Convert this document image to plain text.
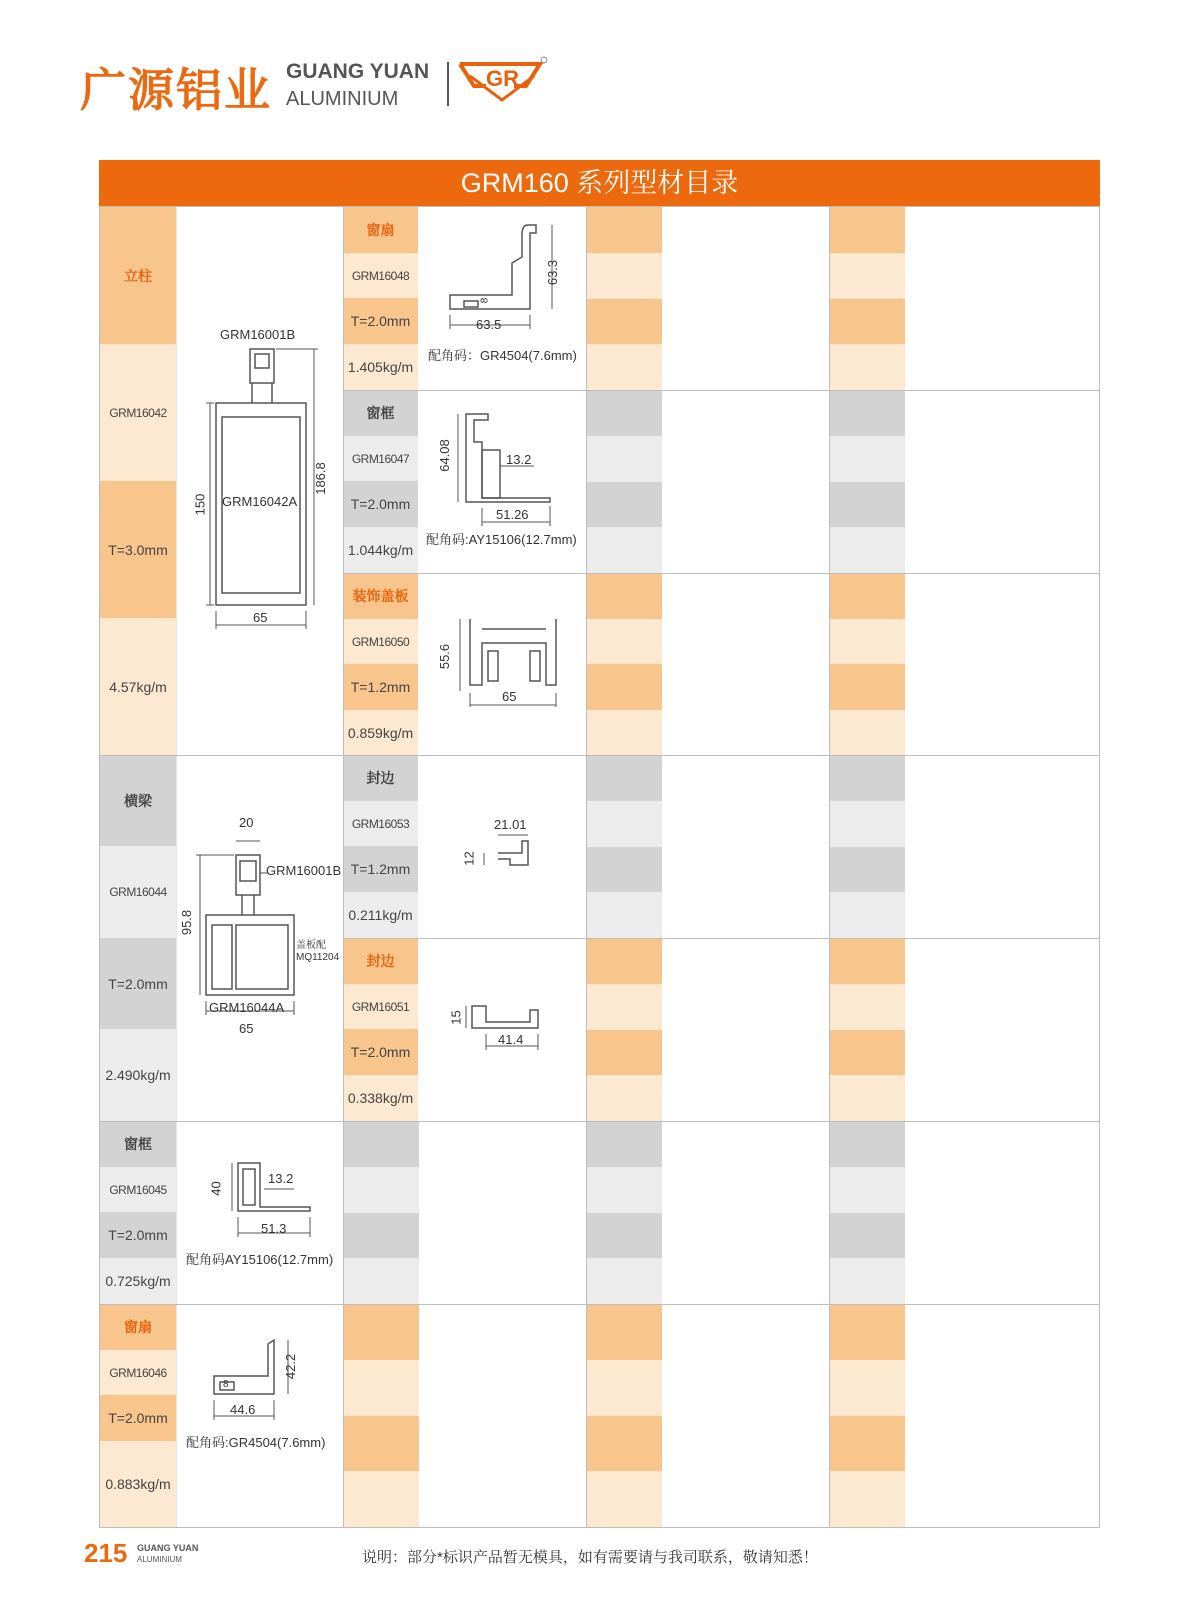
广源铝业 GUANG YUAN
ALUMINIUM
GR
GRM160 系列型材目录
立柱
GRM16042
T=3.0mm
4.57kg/m
GRM16001B
GRM16042A
186.8
150
65
横梁
GRM16044
T=2.0mm
2.490kg/m
20
GRM16001B
95.8
盖板配 MQ11204
GRM16044A
65
窗框
GRM16045
T=2.0mm
0.725kg/m
40
13.2
51.3
配角码AY15106(12.7mm)
窗扇
GRM16046
T=2.0mm
0.883kg/m
42.2
8
44.6
配角码:GR4504(7.6mm)
窗扇
GRM16048
T=2.0mm
1.405kg/m
63.3
8
63.5
配角码：GR4504(7.6mm)
窗框
GRM16047
T=2.0mm
1.044kg/m
64.08	13.2
51.26
配角码:AY15106(12.7mm)
装饰盖板
GRM16050
T=1.2mm
0.859kg/m
55.6
65
封边
GRM16053
T=1.2mm
0.211kg/m
21.01
12
封边
GRM16051
T=2.0mm
0.338kg/m
15
41.4
215 GUANG YUAN
ALUMINIUM	说明：部分*标识产品暂无模具，如有需要请与我司联系，敬请知悉！
